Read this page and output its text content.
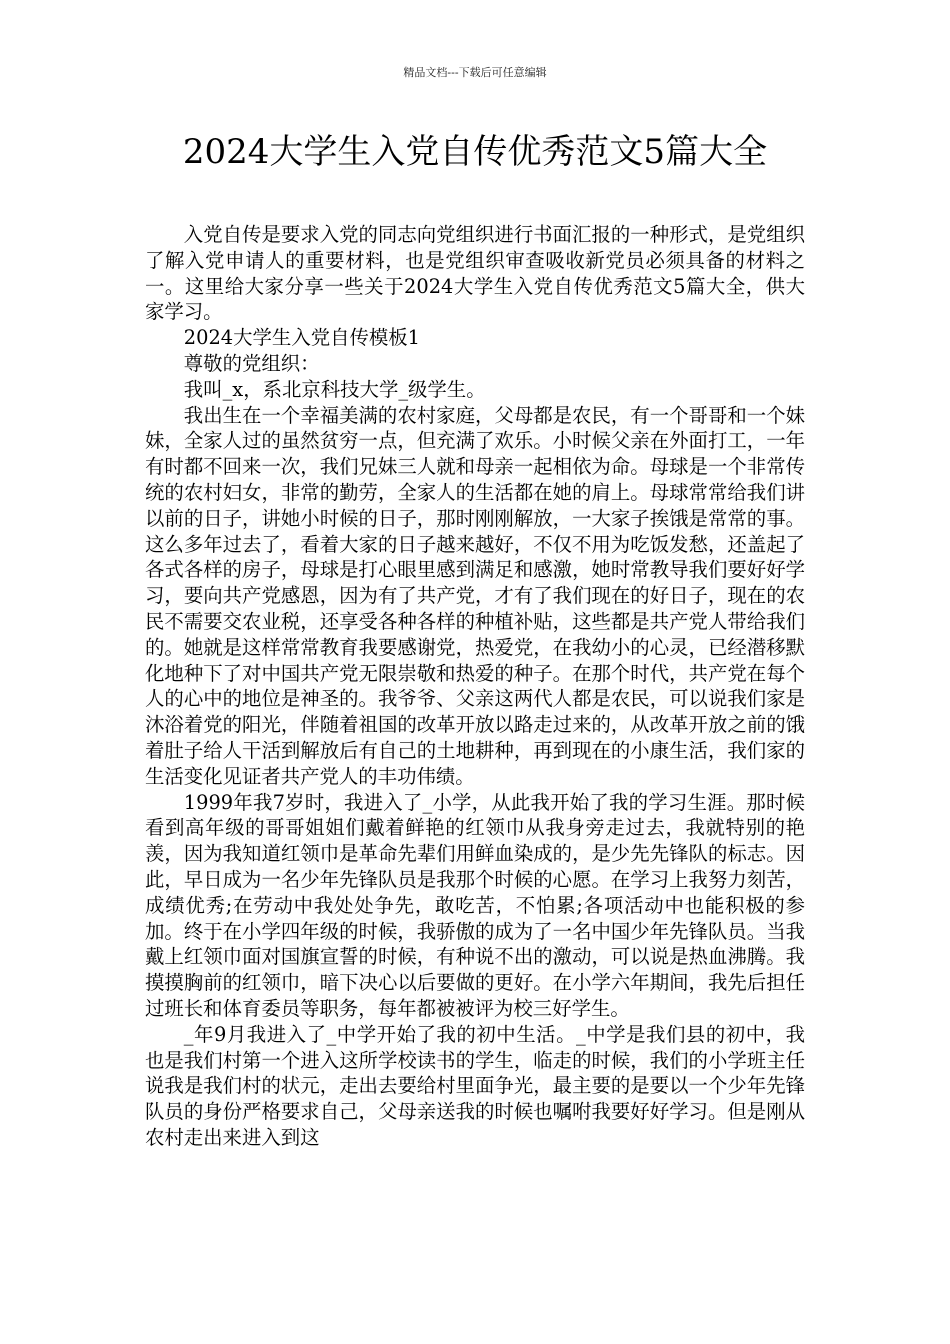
精品文档---下载后可任意编辑
2024大学生入党自传优秀范文5篇大全

入党自传是要求入党的同志向党组织进行书面汇报的一种形式，是党组织了解入党申请人的重要材料，也是党组织审查吸收新党员必须具备的材料之一。这里给大家分享一些关于2024大学生入党自传优秀范文5篇大全，供大家学习。

2024大学生入党自传模板1

尊敬的党组织：

我叫_x，系北京科技大学_级学生。

我出生在一个幸福美满的农村家庭，父母都是农民，有一个哥哥和一个妹妹，全家人过的虽然贫穷一点，但充满了欢乐。小时候父亲在外面打工，一年有时都不回来一次，我们兄妹三人就和母亲一起相依为命。母球是一个非常传统的农村妇女，非常的勤劳，全家人的生活都在她的肩上。母球常常给我们讲以前的日子，讲她小时候的日子，那时刚刚解放，一大家子挨饿是常常的事。这么多年过去了，看着大家的日子越来越好，不仅不用为吃饭发愁，还盖起了各式各样的房子，母球是打心眼里感到满足和感激，她时常教导我们要好好学习，要向共产党感恩，因为有了共产党，才有了我们现在的好日子，现在的农民不需要交农业税，还享受各种各样的种植补贴，这些都是共产党人带给我们的。她就是这样常常教育我要感谢党，热爱党，在我幼小的心灵，已经潜移默化地种下了对中国共产党无限崇敬和热爱的种子。在那个时代，共产党在每个人的心中的地位是神圣的。我爷爷、父亲这两代人都是农民，可以说我们家是沐浴着党的阳光，伴随着祖国的改革开放以路走过来的，从改革开放之前的饿着肚子给人干活到解放后有自己的土地耕种，再到现在的小康生活，我们家的生活变化见证者共产党人的丰功伟绩。

1999年我7岁时，我进入了_小学，从此我开始了我的学习生涯。那时候看到高年级的哥哥姐姐们戴着鲜艳的红领巾从我身旁走过去，我就特别的艳羡，因为我知道红领巾是革命先辈们用鲜血染成的，是少先先锋队的标志。因此，早日成为一名少年先锋队员是我那个时候的心愿。在学习上我努力刻苦，成绩优秀;在劳动中我处处争先，敢吃苦，不怕累;各项活动中也能积极的参加。终于在小学四年级的时候，我骄傲的成为了一名中国少年先锋队员。当我戴上红领巾面对国旗宣誓的时候，有种说不出的激动，可以说是热血沸腾。我摸摸胸前的红领巾，暗下决心以后要做的更好。在小学六年期间，我先后担任过班长和体育委员等职务，每年都被被评为校三好学生。

_年9月我进入了_中学开始了我的初中生活。_中学是我们县的初中，我也是我们村第一个进入这所学校读书的学生，临走的时候，我们的小学班主任说我是我们村的状元，走出去要给村里面争光，最主要的是要以一个少年先锋队员的身份严格要求自己，父母亲送我的时候也嘱咐我要好好学习。但是刚从农村走出来进入到这
